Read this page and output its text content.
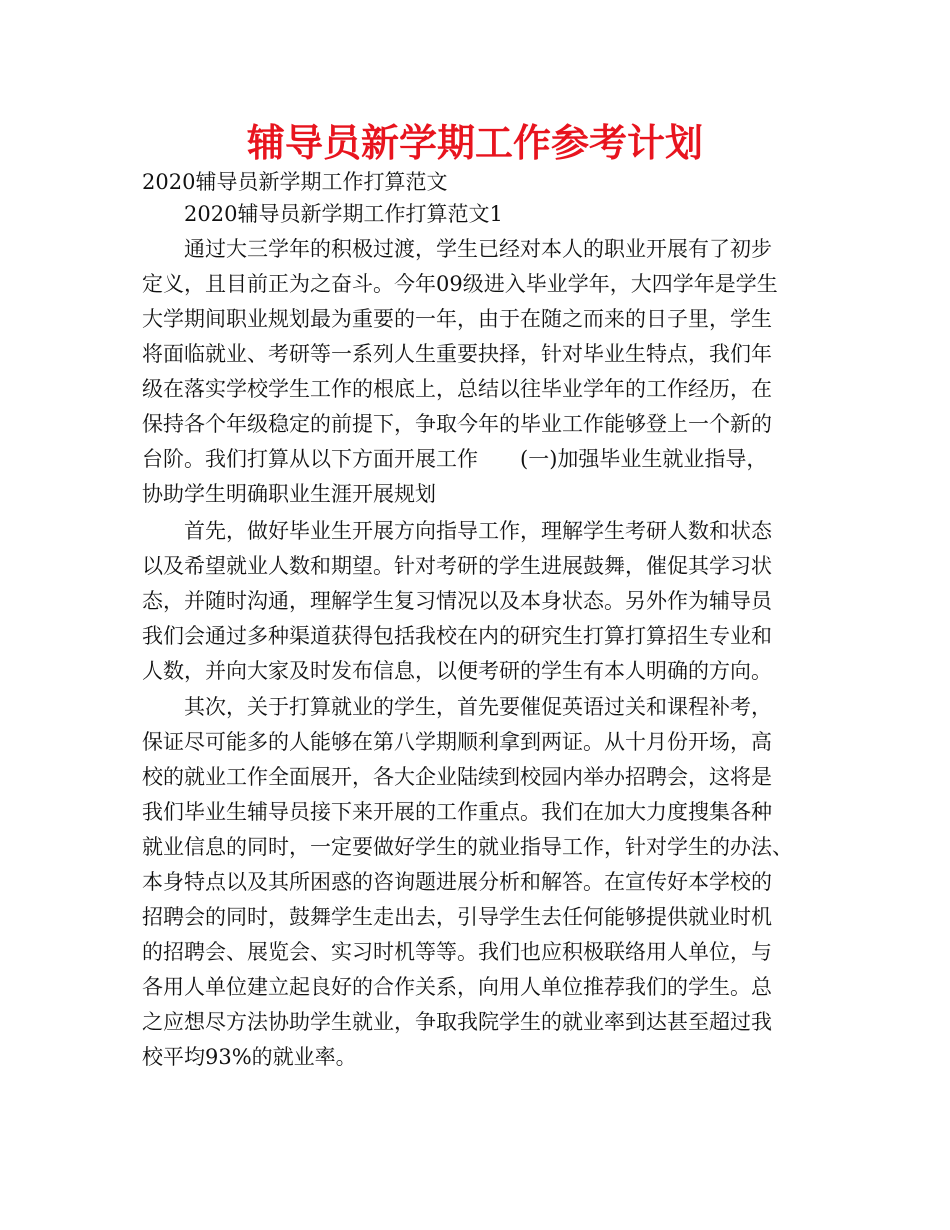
辅导员新学期工作参考计划

2020辅导员新学期工作打算范文

2020辅导员新学期工作打算范文1

通过大三学年的积极过渡，学生已经对本人的职业开展有了初步

定义，且目前正为之奋斗。今年09级进入毕业学年，大四学年是学生

大学期间职业规划最为重要的一年，由于在随之而来的日子里，学生

将面临就业、考研等一系列人生重要抉择，针对毕业生特点，我们年

级在落实学校学生工作的根底上，总结以往毕业学年的工作经历，在

保持各个年级稳定的前提下，争取今年的毕业工作能够登上一个新的

台阶。我们打算从以下方面开展工作　　(一)加强毕业生就业指导，

协助学生明确职业生涯开展规划

首先，做好毕业生开展方向指导工作，理解学生考研人数和状态

以及希望就业人数和期望。针对考研的学生进展鼓舞，催促其学习状

态，并随时沟通，理解学生复习情况以及本身状态。另外作为辅导员

我们会通过多种渠道获得包括我校在内的研究生打算打算招生专业和

人数，并向大家及时发布信息，以便考研的学生有本人明确的方向。

其次，关于打算就业的学生，首先要催促英语过关和课程补考，

保证尽可能多的人能够在第八学期顺利拿到两证。从十月份开场，高

校的就业工作全面展开，各大企业陆续到校园内举办招聘会，这将是

我们毕业生辅导员接下来开展的工作重点。我们在加大力度搜集各种

就业信息的同时，一定要做好学生的就业指导工作，针对学生的办法、

本身特点以及其所困惑的咨询题进展分析和解答。在宣传好本学校的

招聘会的同时，鼓舞学生走出去，引导学生去任何能够提供就业时机

的招聘会、展览会、实习时机等等。我们也应积极联络用人单位，与

各用人单位建立起良好的合作关系，向用人单位推荐我们的学生。总

之应想尽方法协助学生就业，争取我院学生的就业率到达甚至超过我

校平均93%的就业率。
